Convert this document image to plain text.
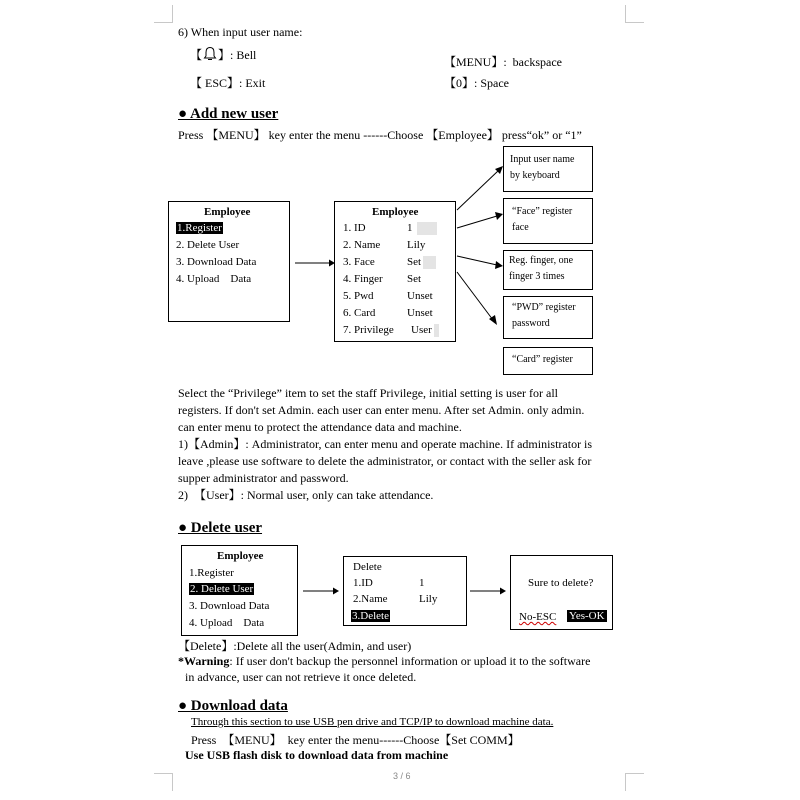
6) When input user name:
【 】: Bell	【MENU】:  backspace
【 ESC】: Exit	【0】: Space
● Add new user
Press 【MENU】 key enter the menu ------Choose 【Employee】 press“ok” or “1”
Employee
1.Register
2. Delete User
3. Download Data
4. Upload    Data
Employee
1. ID	1
2. Name Lily
3. Face	Set
4. Finger Set
5. Pwd	Unset
6. Card	Unset
7. Privilege User
Input user name
by keyboard
“Face” register
face
Reg. finger, one
finger 3 times
“PWD” register
password
“Card” register
Select the “Privilege” item to set the staff Privilege, initial setting is user for all
registers. If don't set Admin. each user can enter menu. After set Admin. only admin.
can enter menu to protect the attendance data and machine.
1)【Admin】: Administrator, can enter menu and operate machine. If administrator is
leave ,please use software to delete the administrator, or contact with the seller ask for
supper administrator and password.
2)  【User】: Normal user, only can take attendance.
● Delete user
Employee
1.Register
2. Delete User
3. Download Data
4. Upload    Data
Delete
1.ID	1
2.Name	Lily
3.Delete
Sure to delete?
No-ESC Yes-OK
【Delete】:Delete all the user(Admin, and user)
*Warning: If user don't backup the personnel information or upload it to the software
in advance, user can not retrieve it once deleted.
● Download data
Through this section to use USB pen drive and TCP/IP to download machine data.
Press  【MENU】  key enter the menu------Choose【Set COMM】
Use USB flash disk to download data from machine
3 / 6
